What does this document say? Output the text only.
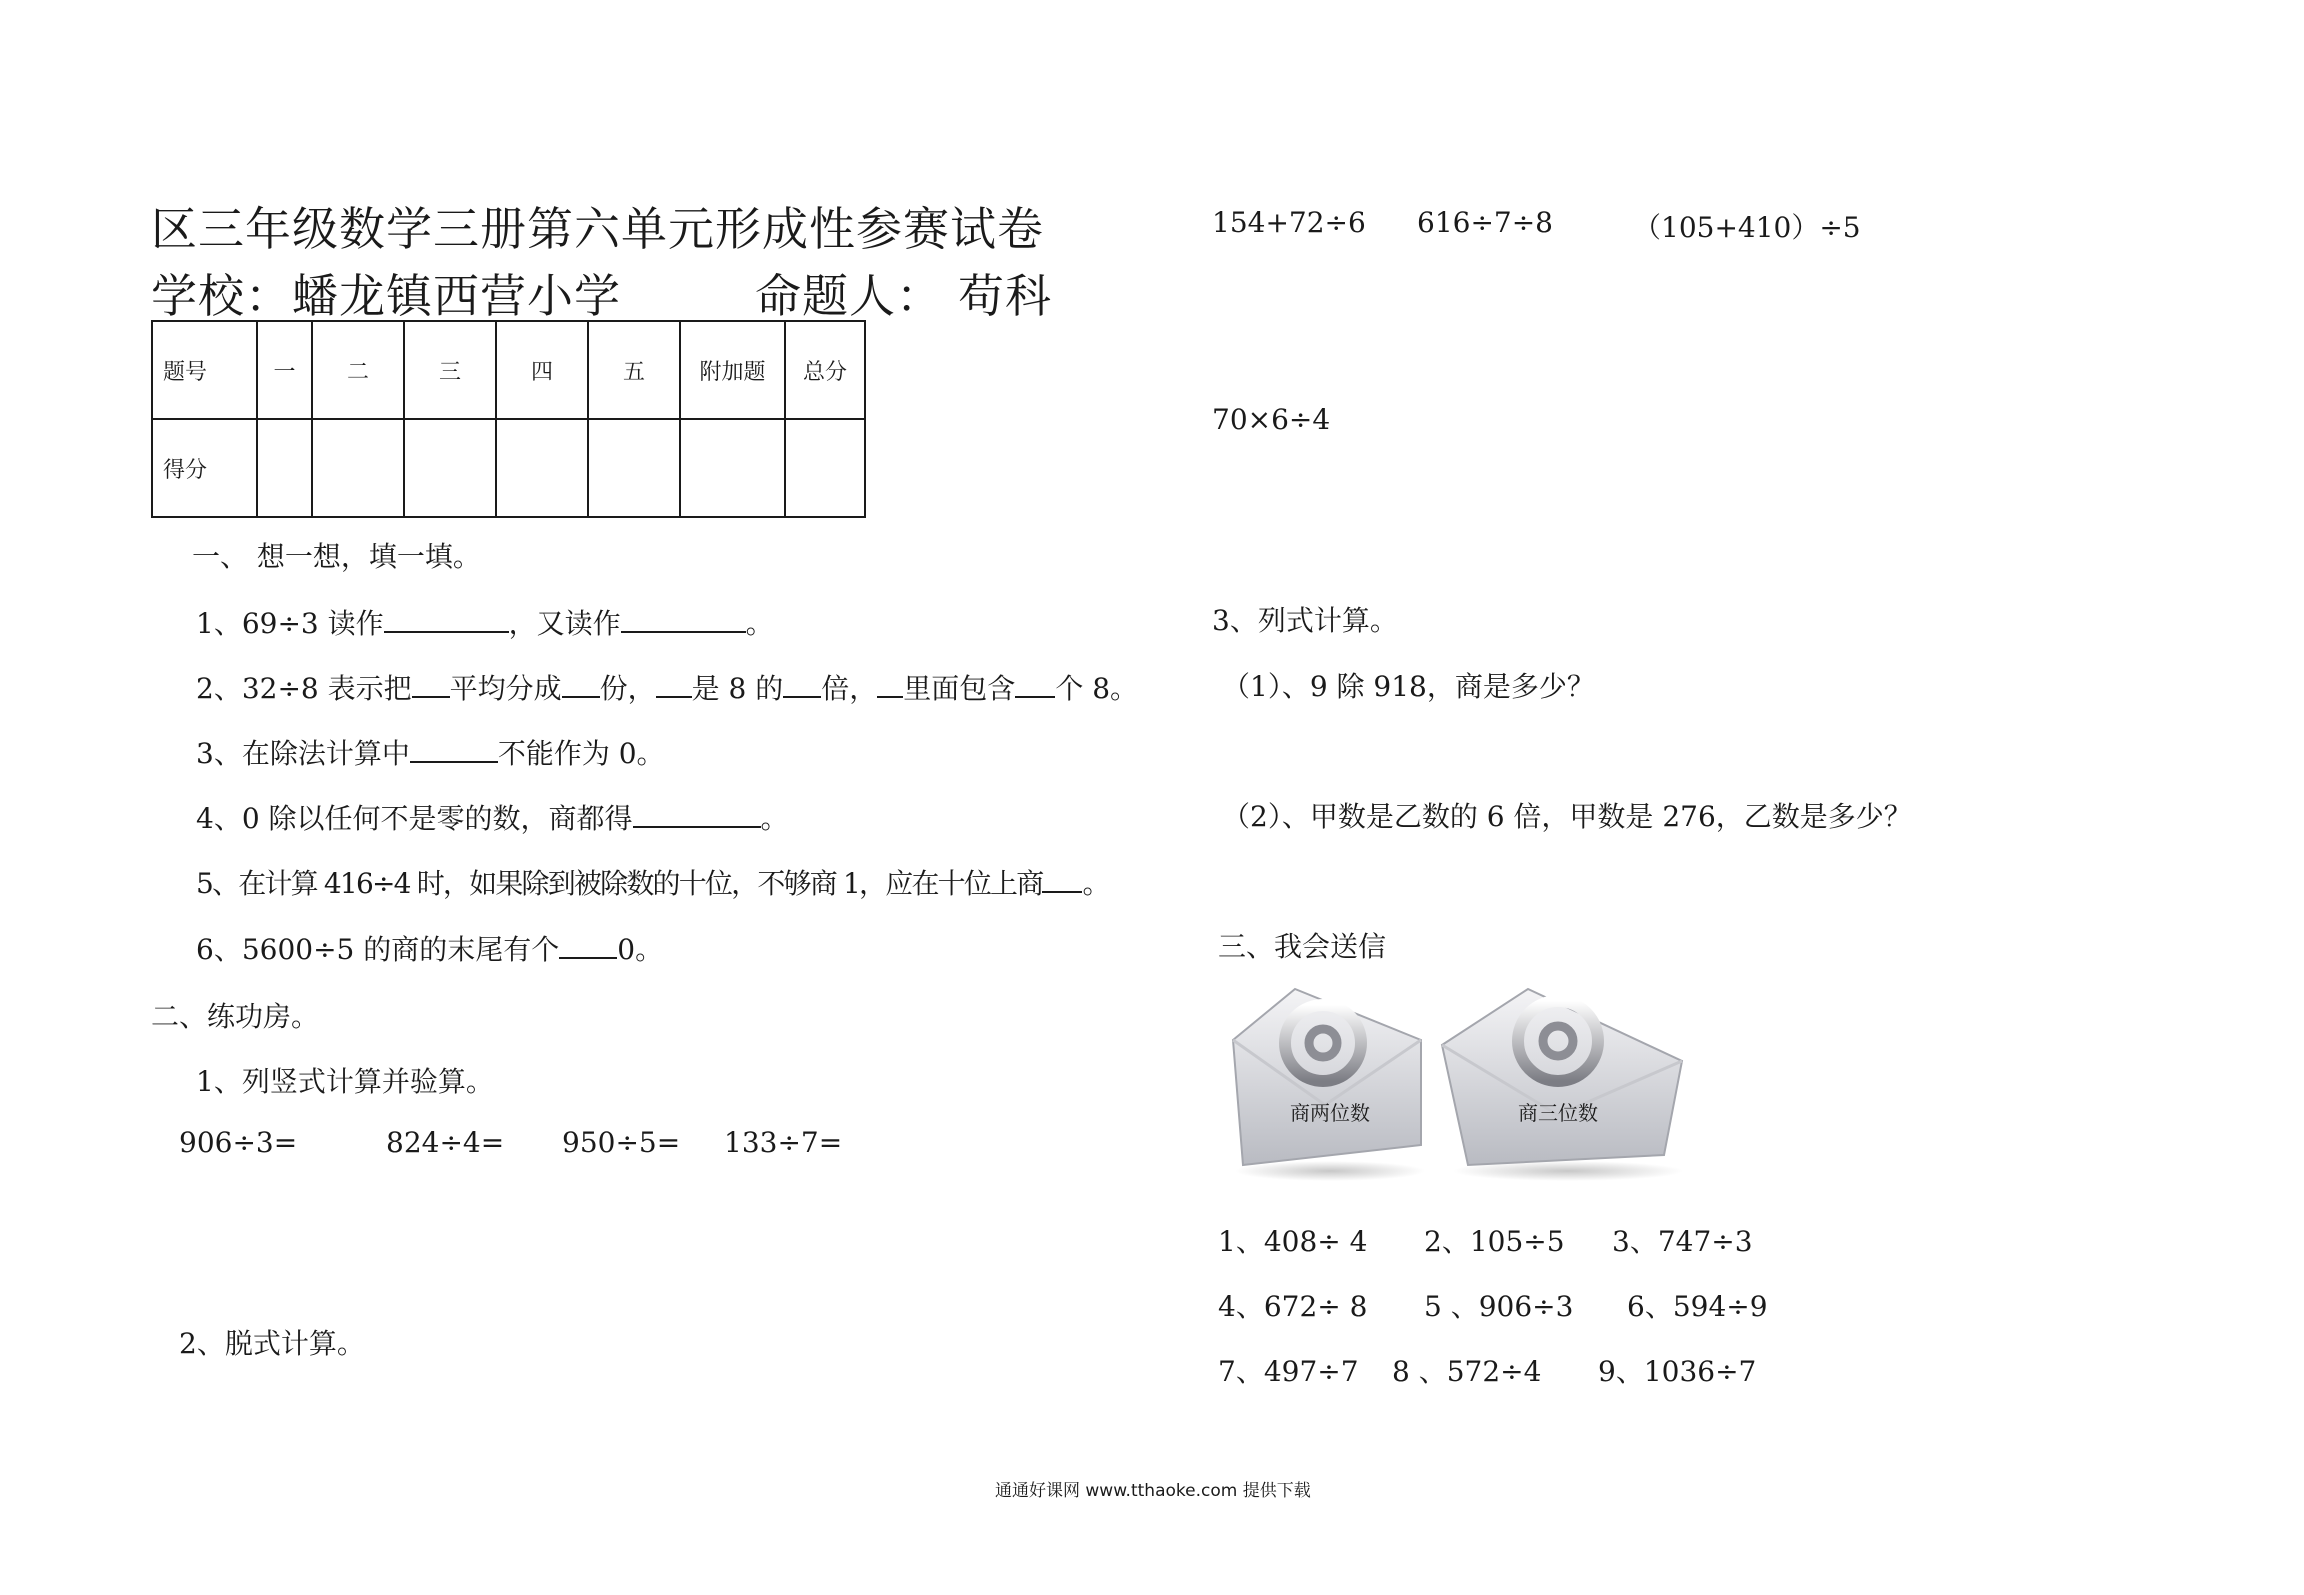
区三年级数学三册第六单元形成性参赛试卷
学校：蟠龙镇西营小学	命题人： 苟科
题号	一	二	三	四	五	附加题	总分
得分							
一、 想一想，填一填。
1、69÷3 读作	，又读作	。
2、32÷8 表示把 平均分成 份， 是 8 的 倍， 里面包含 个 8。
3、在除法计算中	不能作为 0。
4、0 除以任何不是零的数，商都得	。
5、在计算 416÷4 时，如果除到被除数的十位，不够商 1，应在十位上商 。
6、5600÷5 的商的末尾有个 0。
二、练功房。
1、列竖式计算并验算。
906÷3=	824÷4= 950÷5= 133÷7=
2、脱式计算。
154+72÷6 616÷7÷8	（105+410）÷5
70×6÷4
3、列式计算。
（1）、9 除 918，商是多少？
（2）、甲数是乙数的 6 倍，甲数是 276，乙数是多少？
三、我会送信
商两位数	商三位数
1、408÷ 4 2、105÷5 3、747÷3
4、672÷ 8 5 、906÷3 6、594÷9
7、497÷7 8 、572÷4 9、1036÷7
通通好课网 www.tthaoke.com 提供下载
